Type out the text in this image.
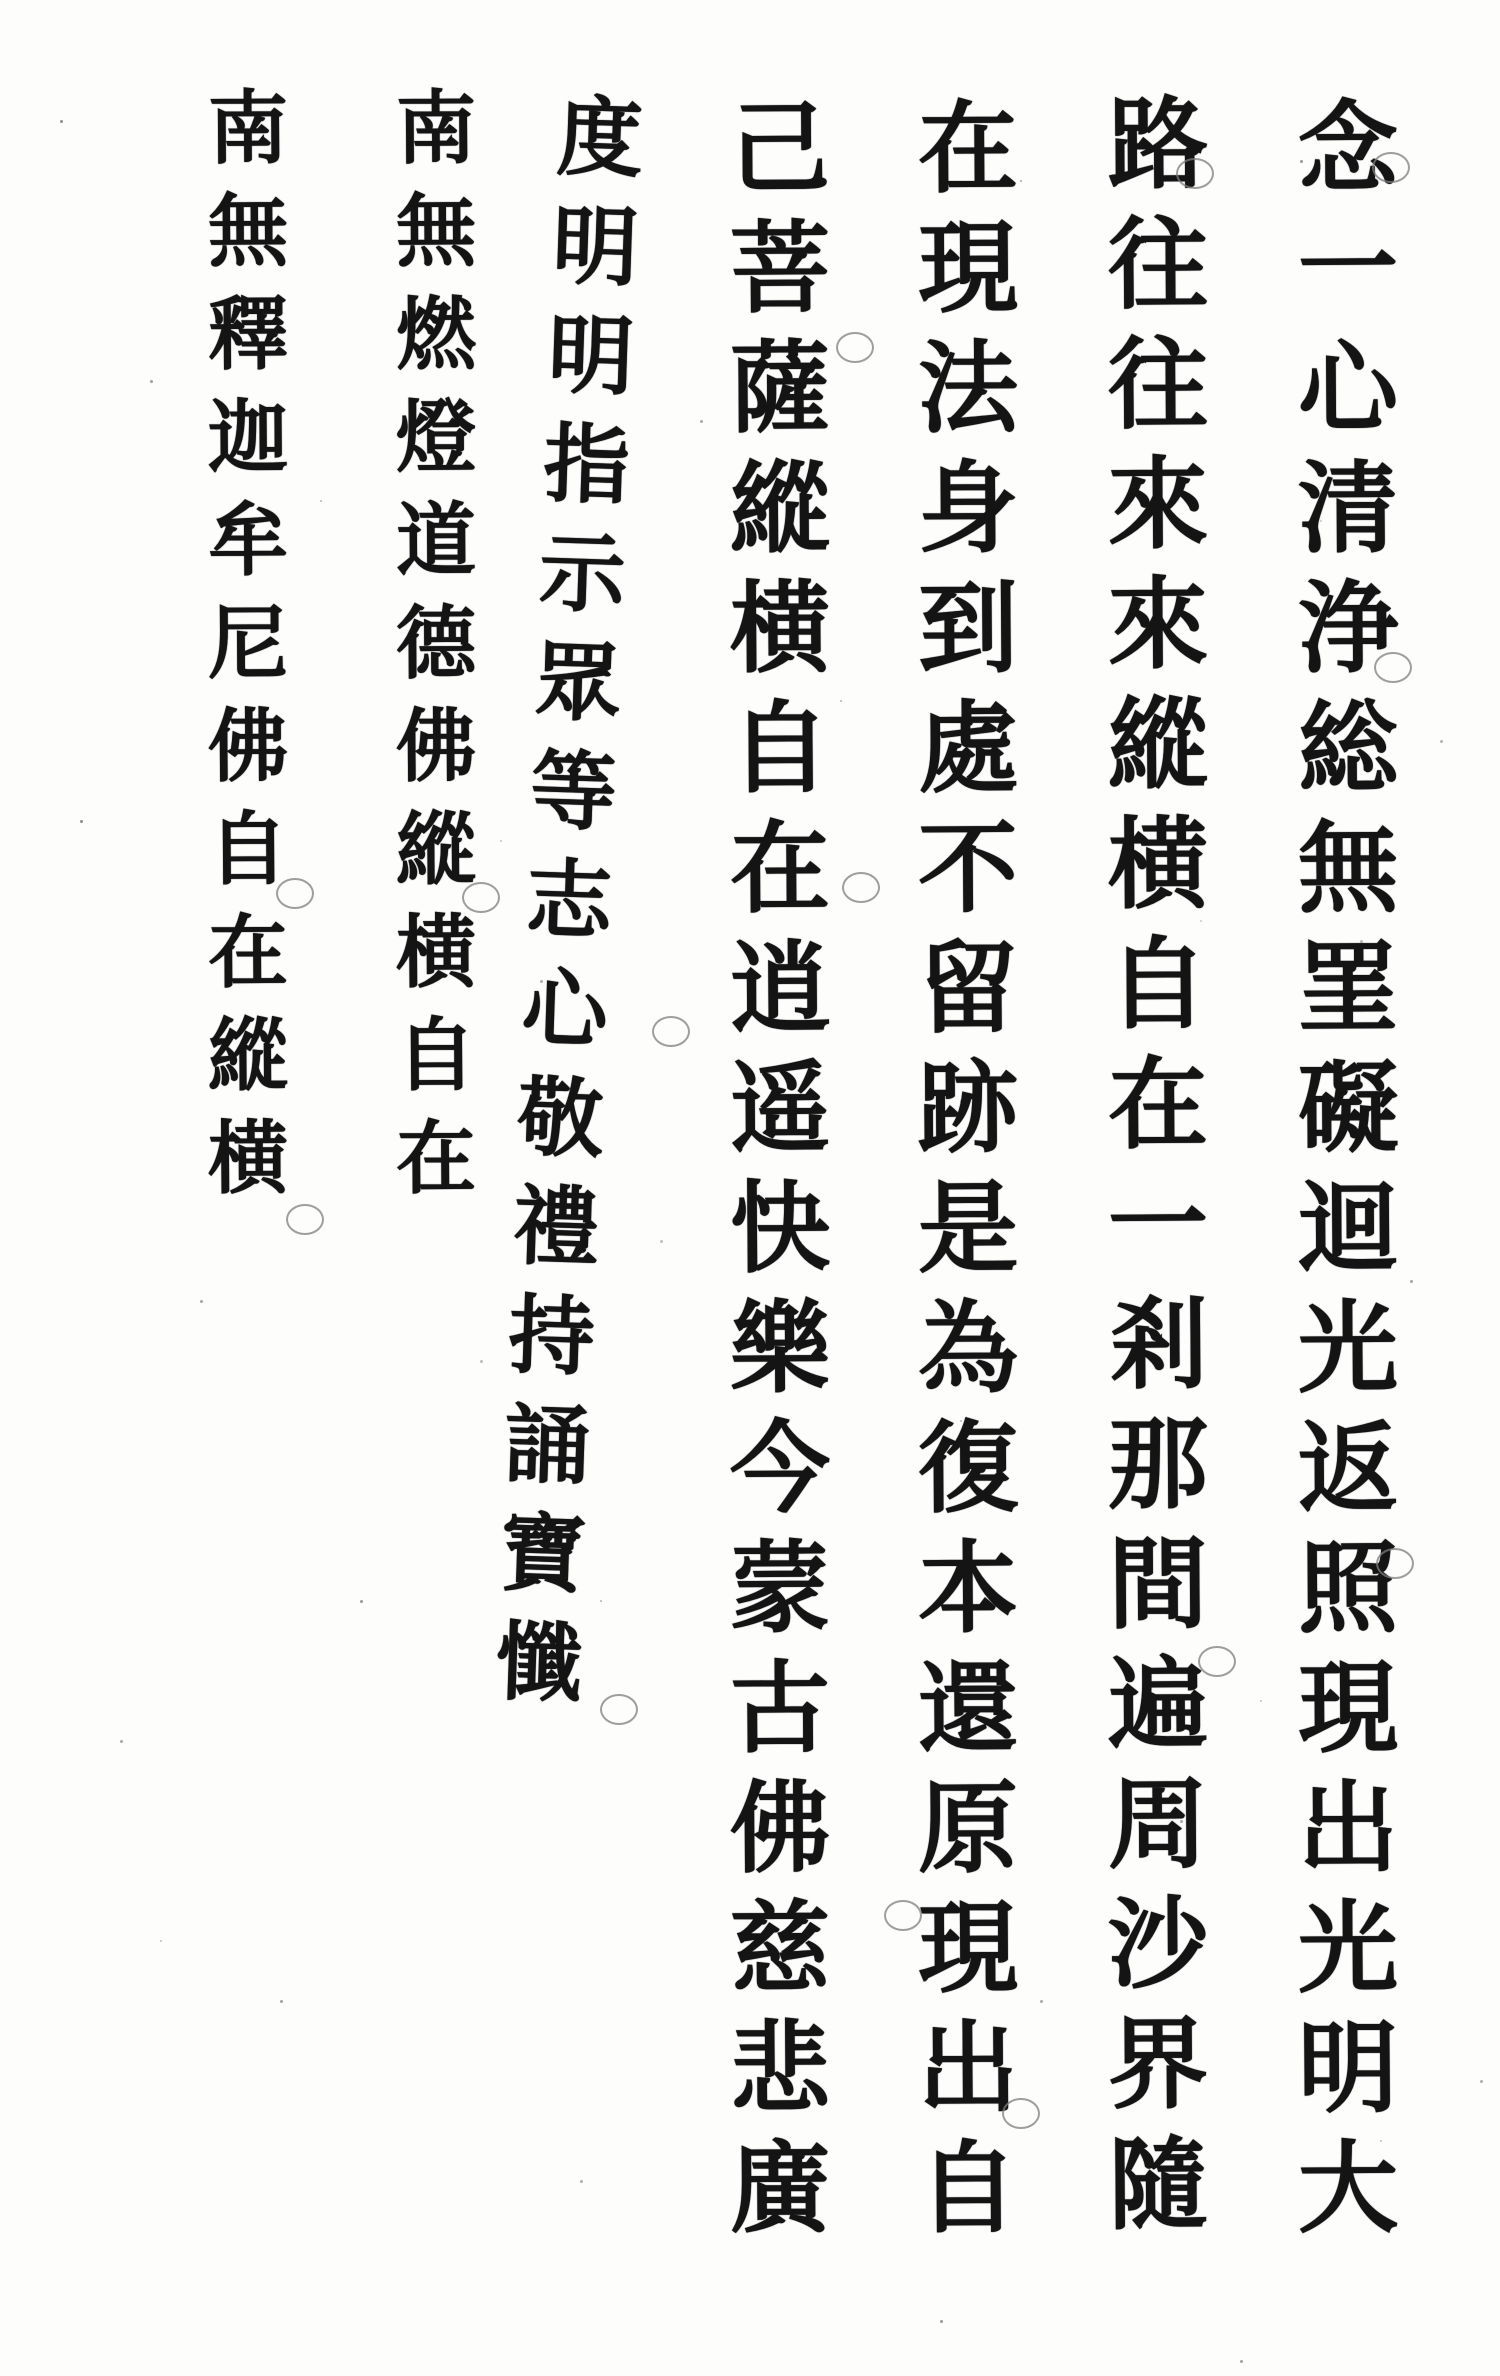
念
一
心
清
浄
総
無
罣
礙
迴
光
返
照
現
出
光
明
大
路
往
往
來
來
縱
横
自
在
一
剎
那
間
遍
周
沙
界
隨
在
現
法
身
到
處
不
留
跡
是
為
復
本
還
原
現
出
自
己
菩
薩
縱
横
自
在
逍
遥
快
樂
今
蒙
古
佛
慈
悲
廣
度
明
明
指
示
眾
等
志
心
敬
禮
持
誦
寶
懺
南
無
燃
燈
道
德
佛
縱
横
自
在
南
無
釋
迦
牟
尼
佛
自
在
縱
横
